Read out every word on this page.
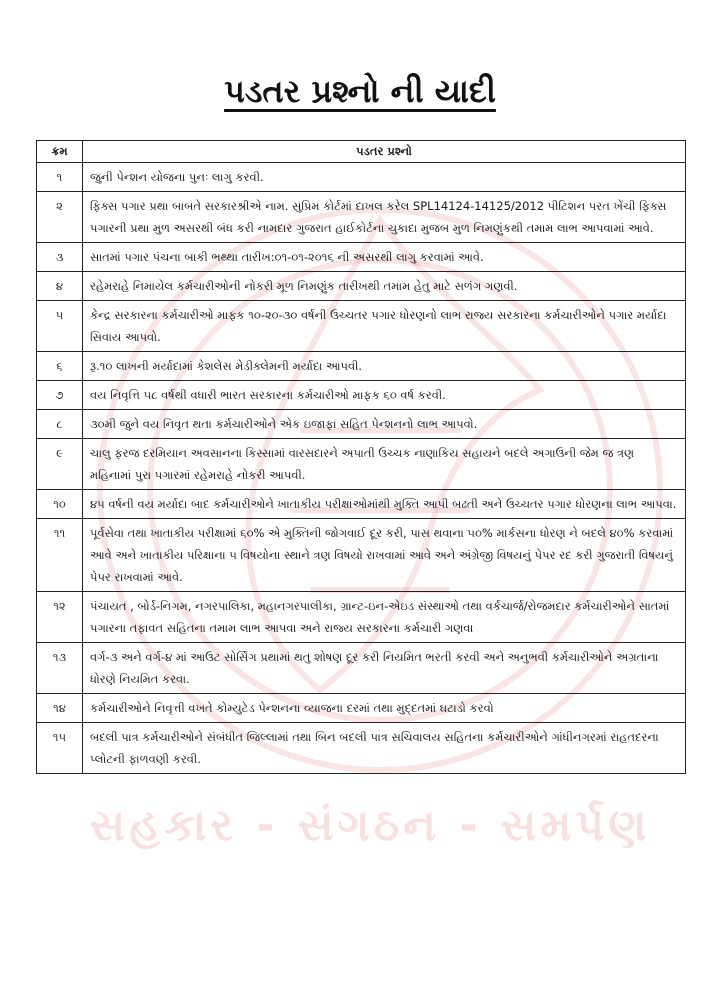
સહકાર - સંગઠન - સમર્પણ
પડતર પ્રશ્નો ની યાદી
ક્રમ	પડતર પ્રશ્નો
૧	જુની પેન્શન યોજના પુનઃ લાગુ કરવી.
૨	ફિક્સ પગાર પ્રથા બાબતે સરકારશ્રીએ નામ. સુપ્રિમ કોર્ટમાં દાખલ કરેલ SPL14124-14125/2012 પીટિશન પરત ખેંચી ફિક્સ પગારની પ્રથા મુળ અસરથી બંધ કરી નામદાર ગુજરાત હાઈકોર્ટના ચુકાદા મુજબ મુળ નિમણુંકથી તમામ લાભ આપવામાં આવે.
૩	સાતમાં પગાર પંચના બાકી ભથ્થા તારીખ:૦૧-૦૧-૨૦૧૬ ની અસરથી લાગુ કરવામાં આવે.
૪	રહેમરાહે નિમાયેલ કર્મચારીઓની નોકરી મૂળ નિમણુંક તારીખથી તમામ હેતુ માટે સળંગ ગણવી.
૫	કેન્દ્ર સરકારના કર્મચારીઓ માફક ૧૦-૨૦-૩૦ વર્ષની ઉચ્ચતર પગાર ધોરણનો લાભ રાજ્ય સરકારના કર્મચારીઓને પગાર મર્યાદા સિવાય આપવો.
૬	રૂ.૧૦ લાખની મર્યાદામાં કેશલેસ મેડીક્લેમની મર્યાદા આપવી.
૭	વય નિવૃત્તિ ૫૮ વર્ષથી વધારી ભારત સરકારના કર્મચારીઓ માફક ૬૦ વર્ષ કરવી.
૮	૩૦મી જુને વય નિવૃત થતા કર્મચારીઓને એક ઇજાફા સહિત પેન્શનનો લાભ આપવો.
૯	ચાલુ ફરજ દરમિયાન અવસાનના કિસ્સામાં વારસદારને અપાતી ઉચ્ચક નાણાકિય સહાયને બદલે અગાઉની જેમ જ ત્રણ મહિનામાં પુરા પગારમાં રહેમરાહે નોકરી આપવી.
૧૦	૪૫ વર્ષની વય મર્યાદા બાદ કર્મચારીઓને ખાતાકીય પરીક્ષાઓમાંથી મુક્તિ આપી બઢતી અને ઉચ્ચતર પગાર ધોરણના લાભ આપવા.
૧૧	પૂર્વસેવા તથા ખાતાકીય પરીક્ષામાં ૬૦% એ મુક્તિની જોગવાઈ દૂર કરી, પાસ થવાના ૫૦% માર્કસના ધોરણ ને બદલે ૪૦% કરવામાં આવે અને ખાતાકીય પરિક્ષાના ૫ વિષયોના સ્થાને ત્રણ વિષયો રાખવામાં આવે અને અંગ્રેજી વિષયનું પેપર રદ કરી ગુજરાતી વિષયનું પેપર રાખવામાં આવે.
૧૨	પંચાયત , બોર્ડ-નિગમ, નગરપાલિકા, મહાનગરપાલીકા, ગ્રાન્ટ-ઇન-એઇડ સંસ્થાઓ તથા વર્કચાર્જ/રોજમદાર કર્મચારીઓને સાતમાં પગારના તફાવત સહિતના તમામ લાભ આપવા અને રાજ્ય સરકારના કર્મચારી ગણવા
૧૩	વર્ગ-૩ અને વર્ગ-૪ માં આઉટ સોર્સિંગ પ્રથામાં થતુ શોષણ દૂર કરી નિયમિત ભરતી કરવી અને અનુભવી કર્મચારીઓને અગ્રતાના ધોરણે નિયમિત કરવા.
૧૪	કર્મચારીઓને નિવૃત્તી વખતે કોમ્યુટેડ પેન્શનના વ્યાજના દરમાં તથા મુદ્દતમાં ઘટાડો કરવો
૧૫	બદલી પાત્ર કર્મચારીઓને સંબંધીત જિલ્લામાં તથા બિન બદલી પાત્ર સચિવાલય સહિતના કર્મચારીઓને ગાંધીનગરમાં રાહતદરના પ્લોટની ફાળવણી કરવી.
